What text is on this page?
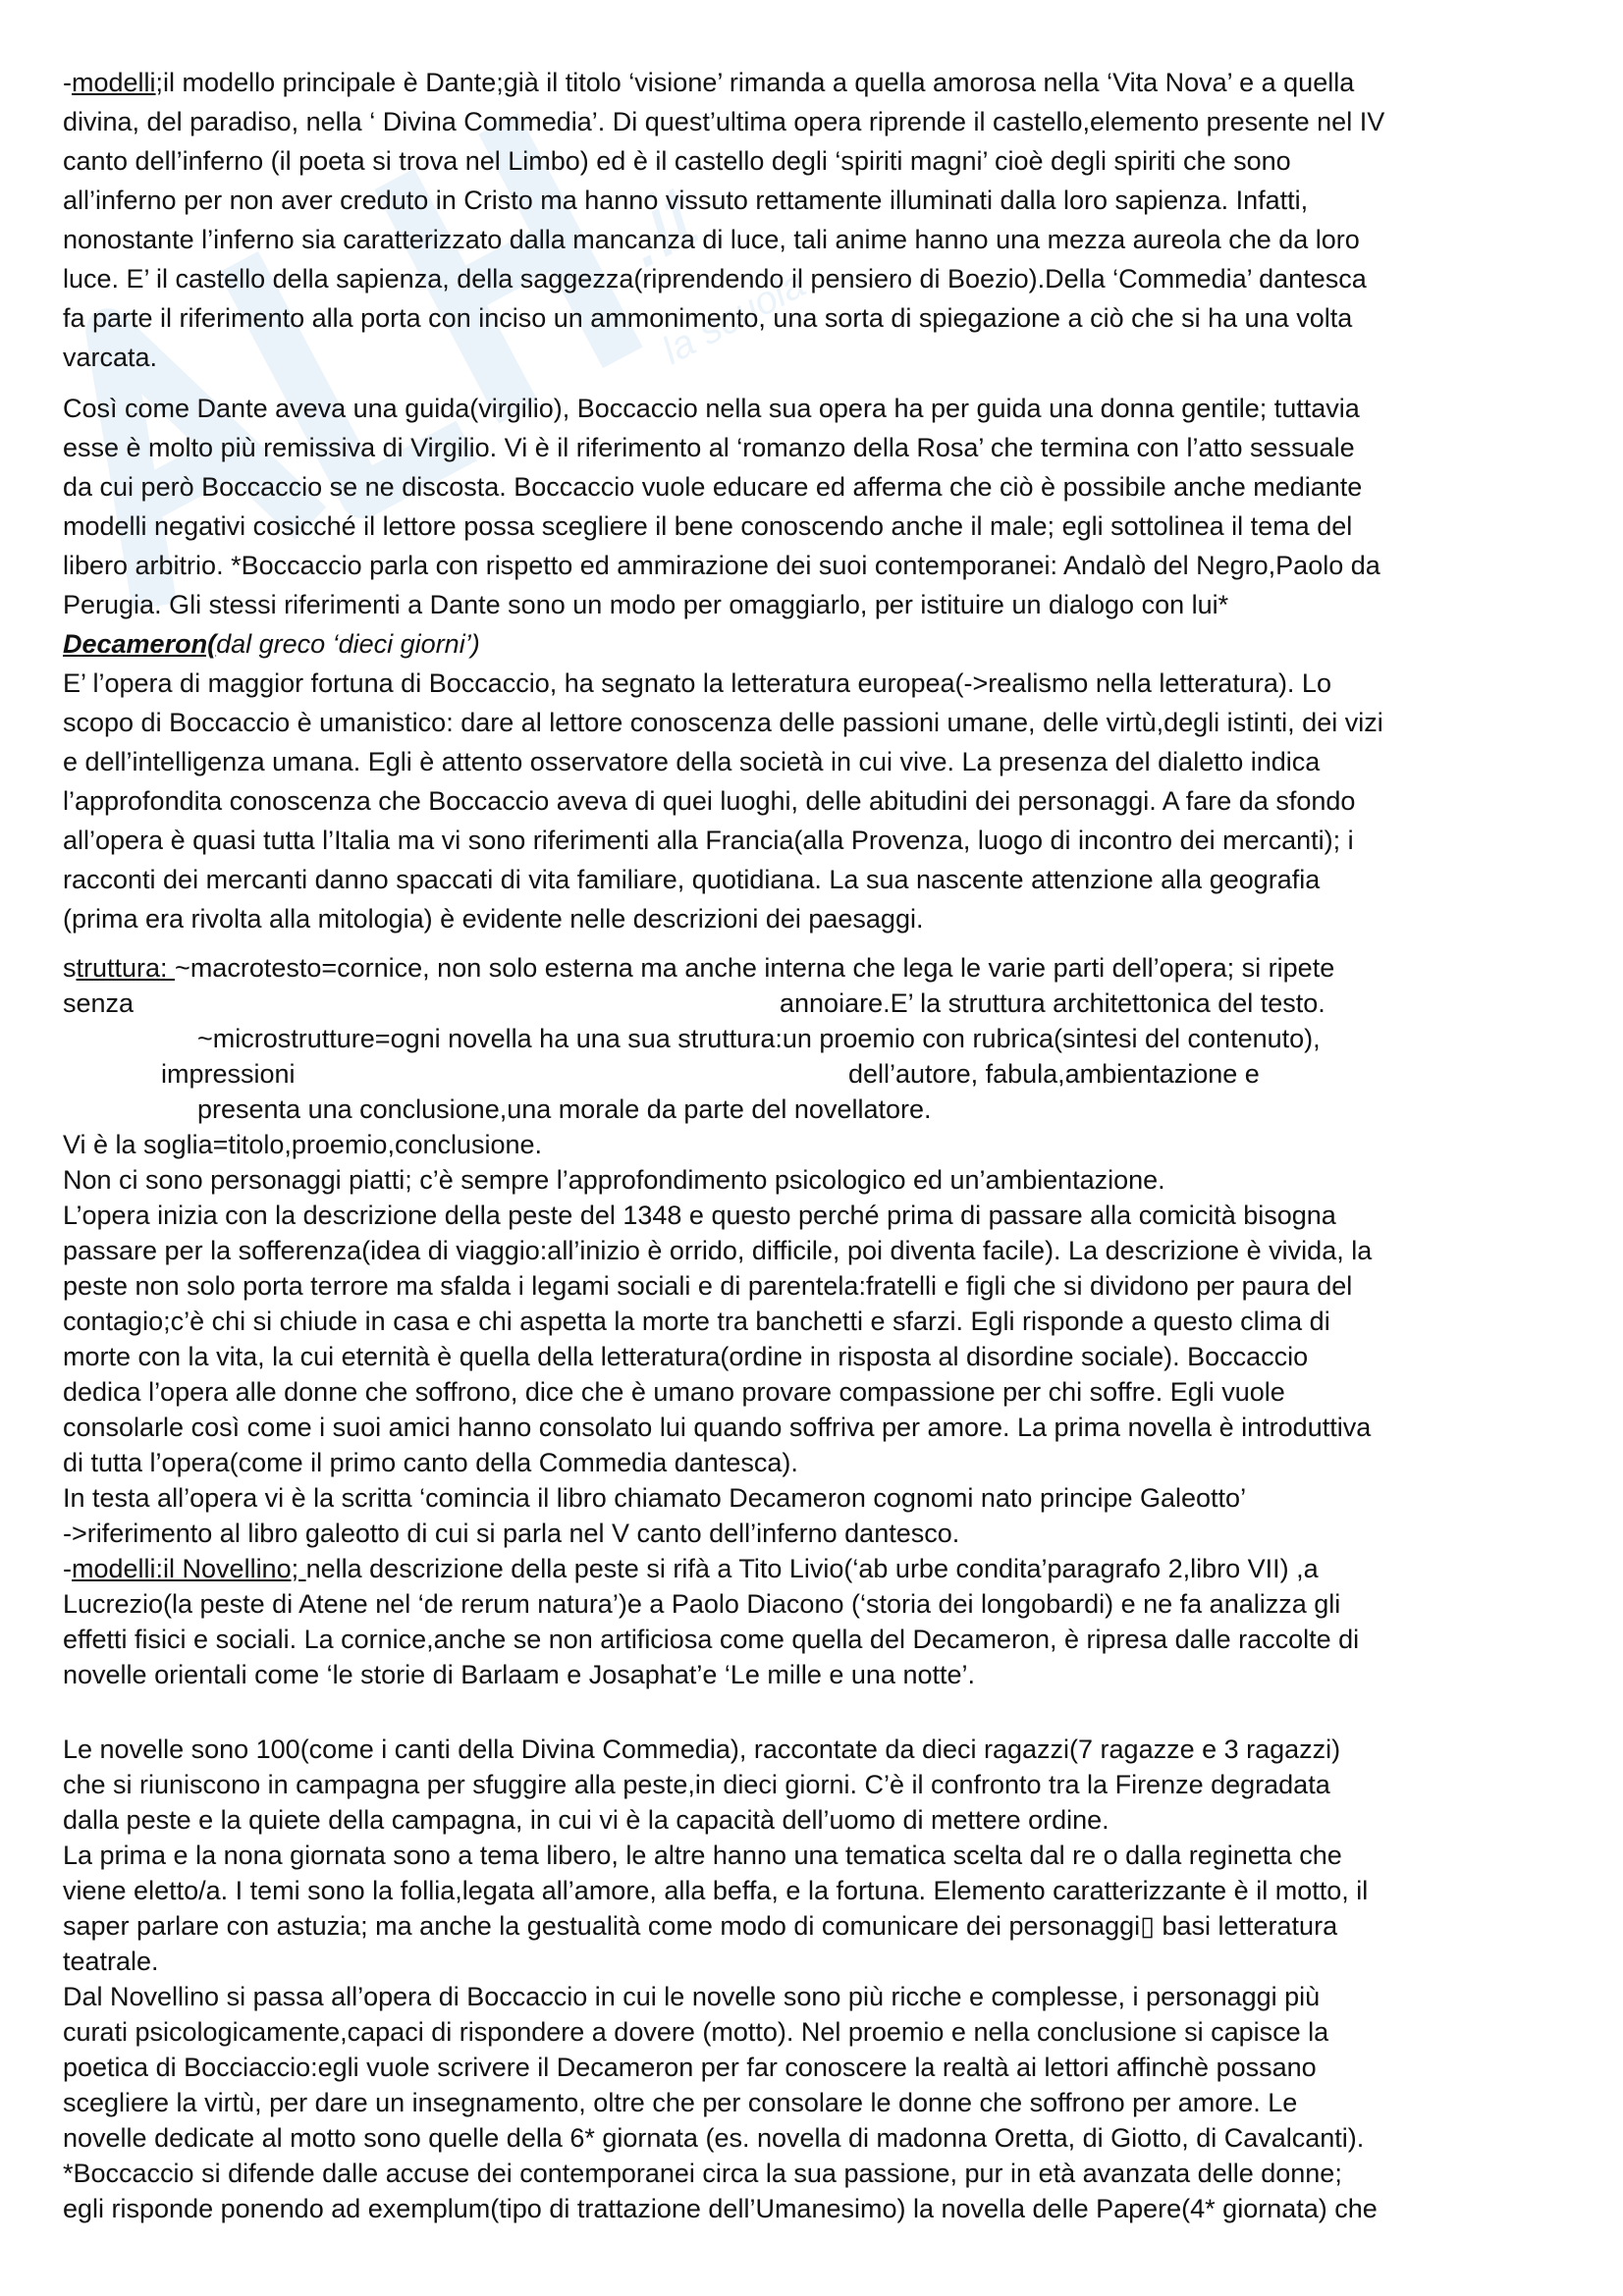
.it
la scuola
-modelli;il modello principale è Dante;già il titolo ‘visione’ rimanda a quella amorosa nella ‘Vita Nova’ e a quella
divina, del paradiso, nella ‘ Divina Commedia’. Di quest’ultima opera riprende il castello,elemento presente nel IV
canto dell’inferno (il poeta si trova nel Limbo) ed è il castello degli ‘spiriti magni’ cioè degli spiriti che sono
all’inferno per non aver creduto in Cristo ma hanno vissuto rettamente illuminati dalla loro sapienza. Infatti,
nonostante l’inferno sia caratterizzato dalla mancanza di luce, tali anime hanno una mezza aureola che da loro
luce. E’ il castello della sapienza, della saggezza(riprendendo il pensiero di Boezio).Della ‘Commedia’ dantesca
fa parte il riferimento alla porta con inciso un ammonimento, una sorta di spiegazione a ciò che si ha una volta
varcata.
Così come Dante aveva una guida(virgilio), Boccaccio nella sua opera ha per guida una donna gentile; tuttavia
esse è molto più remissiva di Virgilio. Vi è il riferimento al ‘romanzo della Rosa’ che termina con l’atto sessuale
da cui però Boccaccio se ne discosta. Boccaccio vuole educare ed afferma che ciò è possibile anche mediante
modelli negativi cosicché il lettore possa scegliere il bene conoscendo anche il male; egli sottolinea il tema del
libero arbitrio. *Boccaccio parla con rispetto ed ammirazione dei suoi contemporanei: Andalò del Negro,Paolo da
Perugia. Gli stessi riferimenti a Dante sono un modo per omaggiarlo, per istituire un dialogo con lui*
Decameron(dal greco ‘dieci giorni’)
E’ l’opera di maggior fortuna di Boccaccio, ha segnato la letteratura europea(->realismo nella letteratura). Lo
scopo di Boccaccio è umanistico: dare al lettore conoscenza delle passioni umane, delle virtù,degli istinti, dei vizi
e dell’intelligenza umana. Egli è attento osservatore della società in cui vive. La presenza del dialetto indica
l’approfondita conoscenza che Boccaccio aveva di quei luoghi, delle abitudini dei personaggi. A fare da sfondo
all’opera è quasi tutta l’Italia ma vi sono riferimenti alla Francia(alla Provenza, luogo di incontro dei mercanti); i
racconti dei mercanti danno spaccati di vita familiare, quotidiana. La sua nascente attenzione alla geografia
(prima era rivolta alla mitologia) è evidente nelle descrizioni dei paesaggi.
struttura: ~macrotesto=cornice, non solo esterna ma anche interna che lega le varie parti dell’opera; si ripete
senza	annoiare.E’ la struttura architettonica del testo.
~microstrutture=ogni novella ha una sua struttura:un proemio con rubrica(sintesi del contenuto),
impressioni	dell’autore, fabula,ambientazione e
presenta una conclusione,una morale da parte del novellatore.
Vi è la soglia=titolo,proemio,conclusione.
Non ci sono personaggi piatti; c’è sempre l’approfondimento psicologico ed un’ambientazione.
L’opera inizia con la descrizione della peste del 1348 e questo perché prima di passare alla comicità bisogna
passare per la sofferenza(idea di viaggio:all’inizio è orrido, difficile, poi diventa facile). La descrizione è vivida, la
peste non solo porta terrore ma sfalda i legami sociali e di parentela:fratelli e figli che si dividono per paura del
contagio;c’è chi si chiude in casa e chi aspetta la morte tra banchetti e sfarzi. Egli risponde a questo clima di
morte con la vita, la cui eternità è quella della letteratura(ordine in risposta al disordine sociale). Boccaccio
dedica l’opera alle donne che soffrono, dice che è umano provare compassione per chi soffre. Egli vuole
consolarle così come i suoi amici hanno consolato lui quando soffriva per amore. La prima novella è introduttiva
di tutta l’opera(come il primo canto della Commedia dantesca).
In testa all’opera vi è la scritta ‘comincia il libro chiamato Decameron cognomi nato principe Galeotto’
->riferimento al libro galeotto di cui si parla nel V canto dell’inferno dantesco.
-modelli:il Novellino; nella descrizione della peste si rifà a Tito Livio(‘ab urbe condita’paragrafo 2,libro VII) ,a
Lucrezio(la peste di Atene nel ‘de rerum natura’)e a Paolo Diacono (‘storia dei longobardi) e ne fa analizza gli
effetti fisici e sociali. La cornice,anche se non artificiosa come quella del Decameron, è ripresa dalle raccolte di
novelle orientali come ‘le storie di Barlaam e Josaphat’e ‘Le mille e una notte’.
Le novelle sono 100(come i canti della Divina Commedia), raccontate da dieci ragazzi(7 ragazze e 3 ragazzi)
che si riuniscono in campagna per sfuggire alla peste,in dieci giorni. C’è il confronto tra la Firenze degradata
dalla peste e la quiete della campagna, in cui vi è la capacità dell’uomo di mettere ordine.
La prima e la nona giornata sono a tema libero, le altre hanno una tematica scelta dal re o dalla reginetta che
viene eletto/a. I temi sono la follia,legata all’amore, alla beffa, e la fortuna. Elemento caratterizzante è il motto, il
saper parlare con astuzia; ma anche la gestualità come modo di comunicare dei personaggi▯ basi letteratura
teatrale.
Dal Novellino si passa all’opera di Boccaccio in cui le novelle sono più ricche e complesse, i personaggi più
curati psicologicamente,capaci di rispondere a dovere (motto). Nel proemio e nella conclusione si capisce la
poetica di Bocciaccio:egli vuole scrivere il Decameron per far conoscere la realtà ai lettori affinchè possano
scegliere la virtù, per dare un insegnamento, oltre che per consolare le donne che soffrono per amore. Le
novelle dedicate al motto sono quelle della 6* giornata (es. novella di madonna Oretta, di Giotto, di Cavalcanti).
*Boccaccio si difende dalle accuse dei contemporanei circa la sua passione, pur in età avanzata delle donne;
egli risponde ponendo ad exemplum(tipo di trattazione dell’Umanesimo) la novella delle Papere(4* giornata) che
